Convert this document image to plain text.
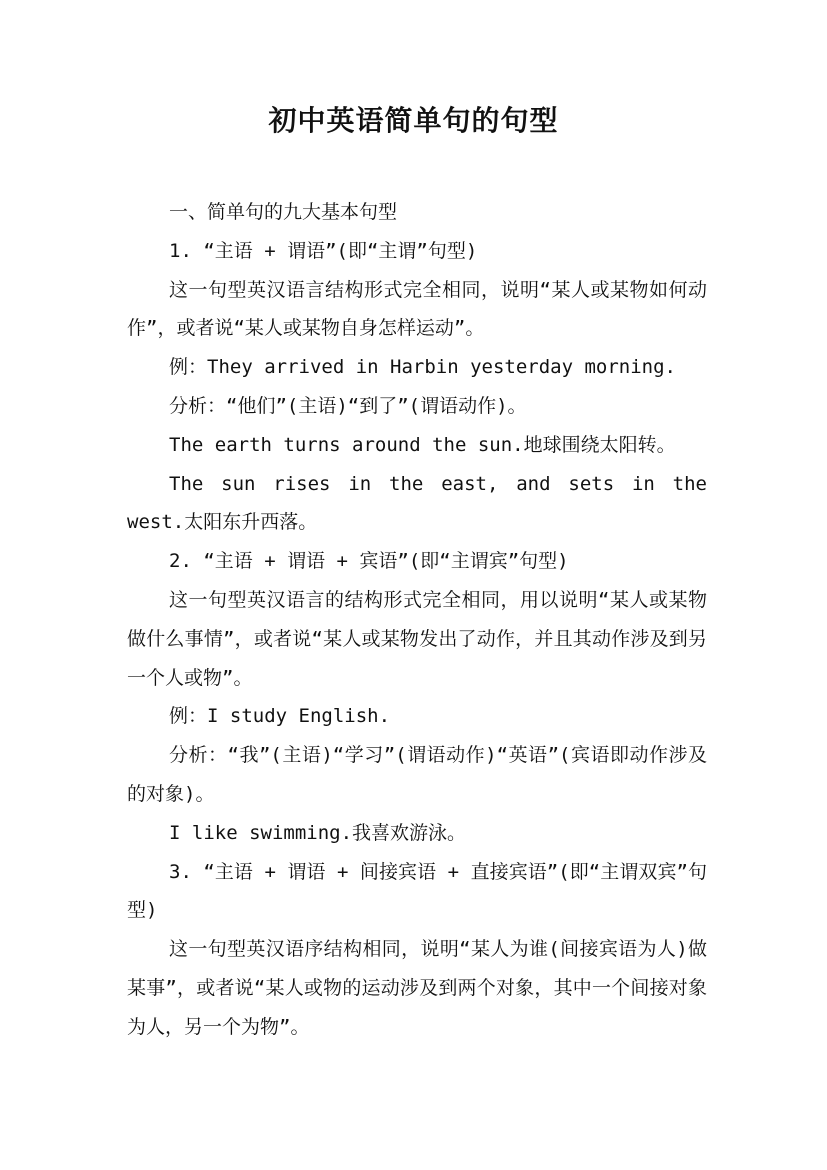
初中英语简单句的句型

一、简单句的九大基本句型

1. “主语 + 谓语”(即“主谓”句型)

这一句型英汉语言结构形式完全相同，说明“某人或某物如何动作”，或者说“某人或某物自身怎样运动”。

例：They arrived in Harbin yesterday morning.

分析：“他们”(主语)“到了”(谓语动作)。

The earth turns around the sun.地球围绕太阳转。

The sun rises in the east, and sets in the west.太阳东升西落。

2. “主语 + 谓语 + 宾语”(即“主谓宾”句型)

这一句型英汉语言的结构形式完全相同，用以说明“某人或某物做什么事情”，或者说“某人或某物发出了动作，并且其动作涉及到另一个人或物”。

例：I study English.

分析：“我”(主语)“学习”(谓语动作)“英语”(宾语即动作涉及的对象)。

I like swimming.我喜欢游泳。

3. “主语 + 谓语 + 间接宾语 + 直接宾语”(即“主谓双宾”句型)

这一句型英汉语序结构相同，说明“某人为谁(间接宾语为人)做某事”，或者说“某人或物的运动涉及到两个对象，其中一个间接对象为人，另一个为物”。
